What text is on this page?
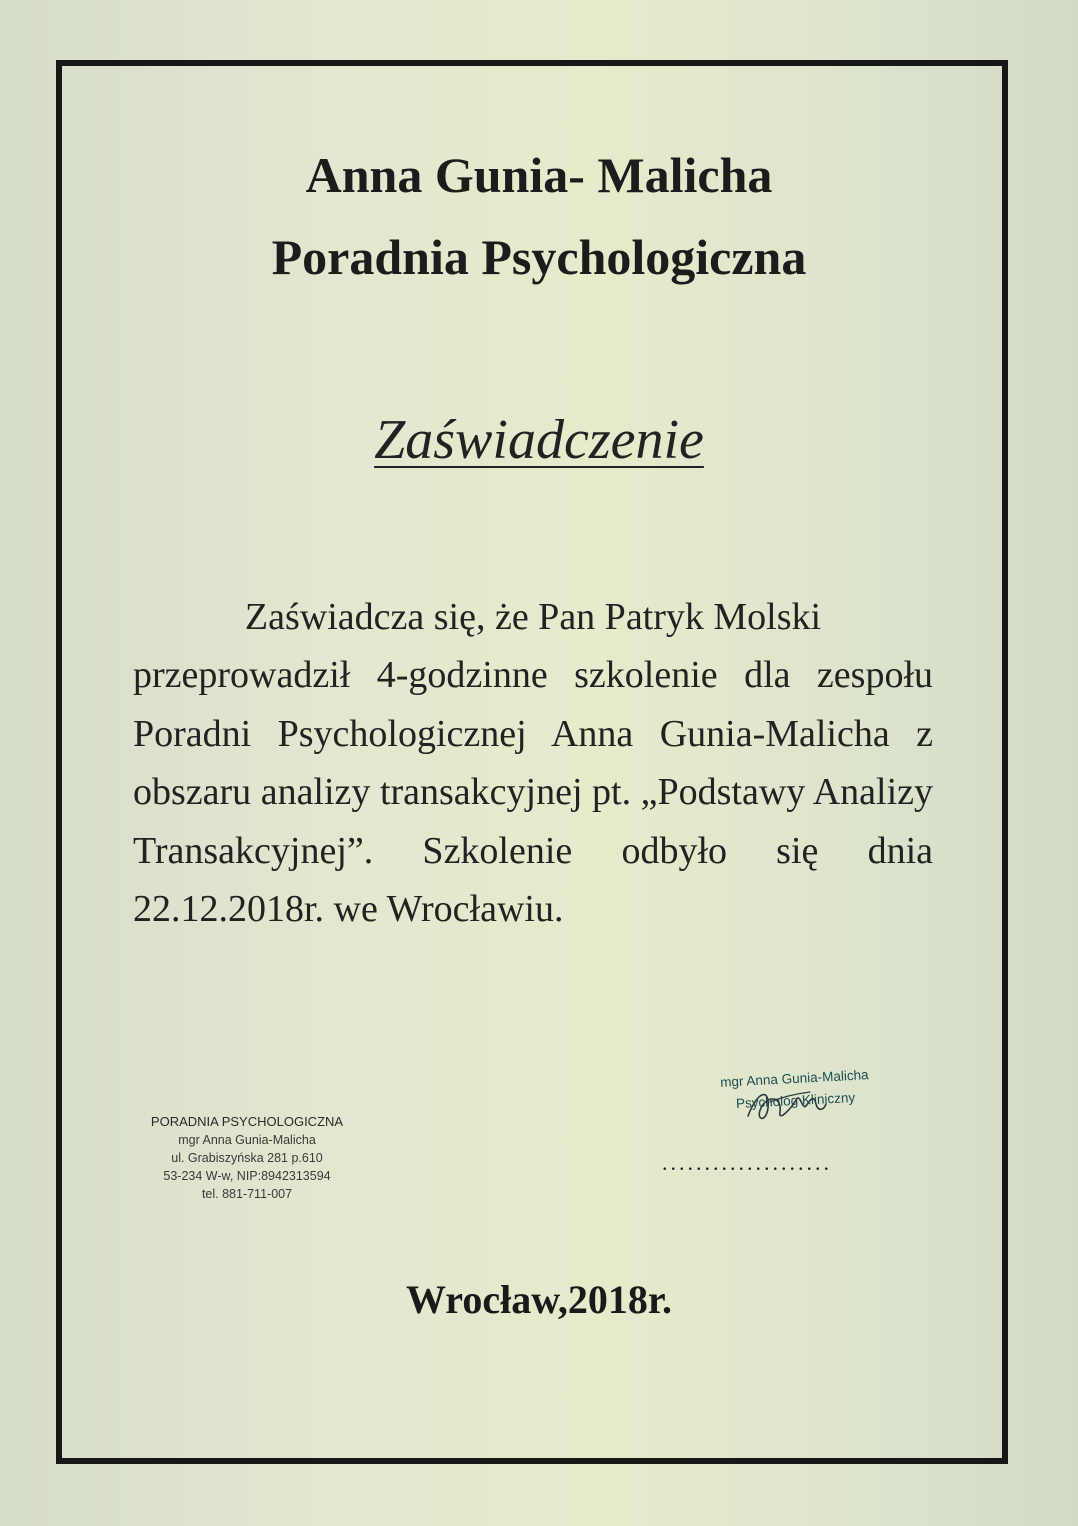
Anna Gunia- Malicha
Poradnia Psychologiczna
Zaświadczenie
Zaświadcza się, że Pan Patryk Molski
przeprowadził 4-godzinne szkolenie dla zespołu Poradni Psychologicznej Anna Gunia-Malicha z obszaru analizy transakcyjnej pt. „Podstawy Analizy Transakcyjnej”. Szkolenie odbyło się dnia 22.12.2018r. we Wrocławiu.
PORADNIA PSYCHOLOGICZNA
mgr Anna Gunia-Malicha
ul. Grabiszyńska 281 p.610
53-234 W-w, NIP:8942313594
tel. 881-711-007
mgr Anna Gunia-Malicha
Psycholog Kliniczny
....................
Wrocław,2018r.
